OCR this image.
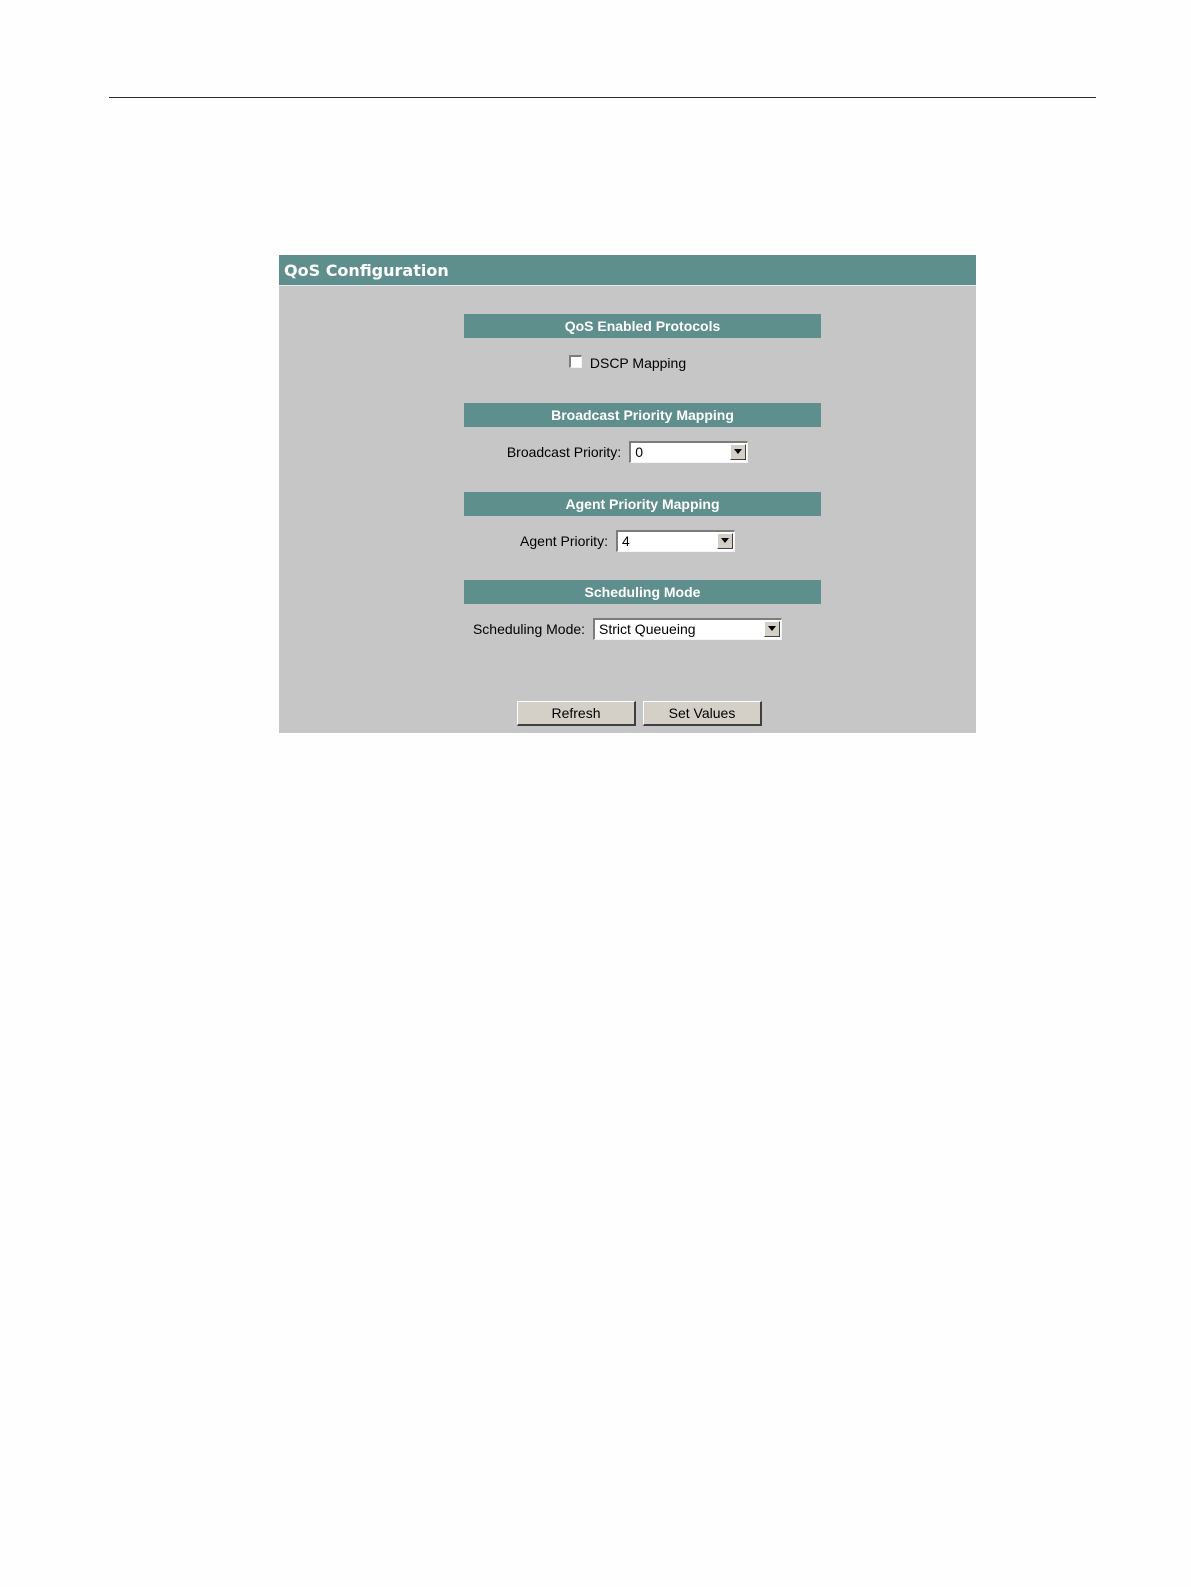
QoS Configuration
QoS Enabled Protocols
DSCP Mapping
Broadcast Priority Mapping
Broadcast Priority: 0
Agent Priority Mapping
Agent Priority: 4
Scheduling Mode
Scheduling Mode: Strict Queueing
Refresh	Set Values
